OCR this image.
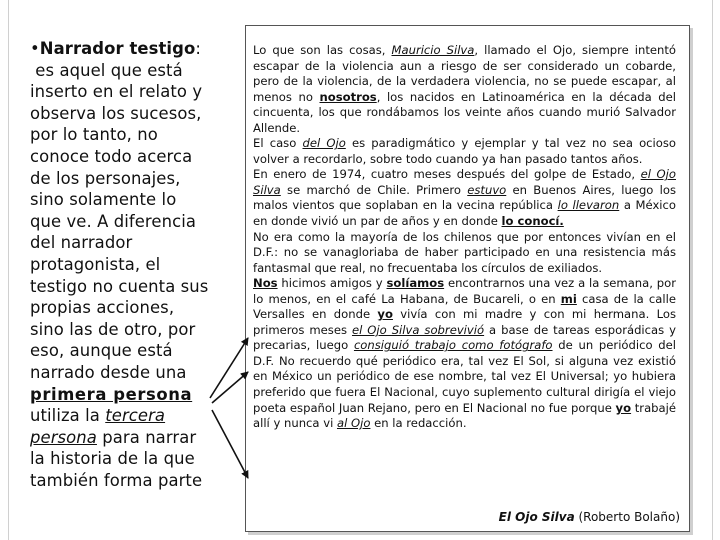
•Narrador testigo:
es aquel que está
inserto en el relato y
observa los sucesos,
por lo tanto, no
conoce todo acerca
de los personajes,
sino solamente lo
que ve. A diferencia
del narrador
protagonista, el
testigo no cuenta sus
propias acciones,
sino las de otro, por
eso, aunque está
narrado desde una
primera persona
utiliza la tercera
persona para narrar
la historia de la que
también forma parte

Lo que son las cosas, Mauricio Silva, llamado el Ojo, siempre intentó escapar de la violencia aun a riesgo de ser considerado un cobarde, pero de la violencia, de la verdadera violencia, no se puede escapar, al menos no nosotros, los nacidos en Latinoamérica en la década del cincuenta, los que rondábamos los veinte años cuando murió Salvador Allende.

El caso del Ojo es paradigmático y ejemplar y tal vez no sea ocioso volver a recordarlo, sobre todo cuando ya han pasado tantos años.

En enero de 1974, cuatro meses después del golpe de Estado, el Ojo Silva se marchó de Chile. Primero estuvo en Buenos Aires, luego los malos vientos que soplaban en la vecina república lo llevaron a México en donde vivió un par de años y en donde lo conocí.

No era como la mayoría de los chilenos que por entonces vivían en el D.F.: no se vanagloriaba de haber participado en una resistencia más fantasmal que real, no frecuentaba los círculos de exiliados.

Nos hicimos amigos y solíamos encontrarnos una vez a la semana, por lo menos, en el café La Habana, de Bucareli, o en mi casa de la calle Versalles en donde yo vivía con mi madre y con mi hermana. Los primeros meses el Ojo Silva sobrevivió a base de tareas esporádicas y precarias, luego consiguió trabajo como fotógrafo de un periódico del D.F. No recuerdo qué periódico era, tal vez El Sol, si alguna vez existió en México un periódico de ese nombre, tal vez El Universal; yo hubiera preferido que fuera El Nacional, cuyo suplemento cultural dirigía el viejo poeta español Juan Rejano, pero en El Nacional no fue porque yo trabajé allí y nunca vi al Ojo en la redacción.

El Ojo Silva (Roberto Bolaño)
